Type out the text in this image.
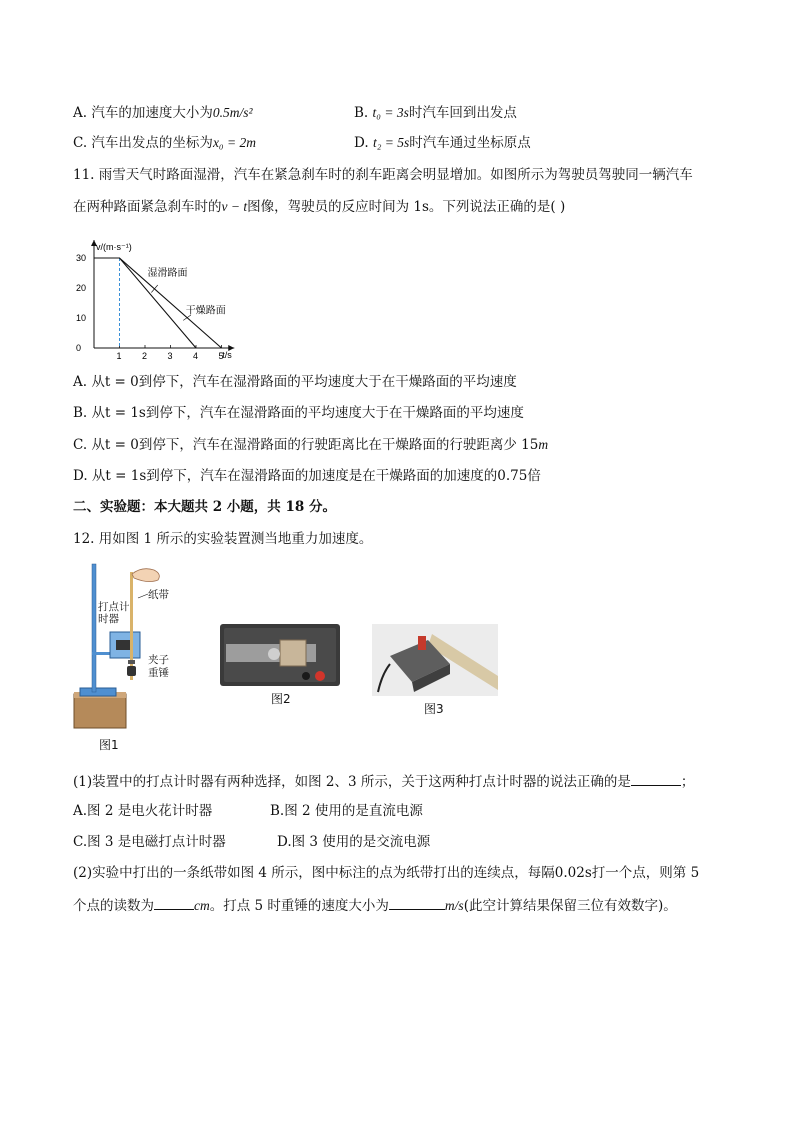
A. 汽车的加速度大小为0.5m/s²	B. t₀ = 3s时汽车回到出发点
C. 汽车出发点的坐标为x₀ = 2m	D. t₂ = 5s时汽车通过坐标原点
11. 雨雪天气时路面湿滑，汽车在紧急刹车时的刹车距离会明显增加。如图所示为驾驶员驾驶同一辆汽车
在两种路面紧急刹车时的v − t图像，驾驶员的反应时间为 1s。下列说法正确的是( )
v/(m·s⁻¹)
t/s
1 2 3 4 5
0
10
20
30
湿滑路面
干燥路面
A. 从t = 0到停下，汽车在湿滑路面的平均速度大于在干燥路面的平均速度
B. 从t = 1s到停下，汽车在湿滑路面的平均速度大于在干燥路面的平均速度
C. 从t = 0到停下，汽车在湿滑路面的行驶距离比在干燥路面的行驶距离少 15m
D. 从t = 1s到停下，汽车在湿滑路面的加速度是在干燥路面的加速度的0.75倍
二、实验题：本大题共 2 小题，共 18 分。
12. 用如图 1 所示的实验装置测当地重力加速度。
打点计时器
纸带
夹子
重锤
图1
图2
图3
(1)装置中的打点计时器有两种选择，如图 2、3 所示，关于这两种打点计时器的说法正确的是	；
A.图 2 是电火花计时器	B.图 2 使用的是直流电源
C.图 3 是电磁打点计时器	D.图 3 使用的是交流电源
(2)实验中打出的一条纸带如图 4 所示，图中标注的点为纸带打出的连续点，每隔0.02s打一个点，则第 5
个点的读数为	cm。打点 5 时重锤的速度大小为	m/s(此空计算结果保留三位有效数字)。
